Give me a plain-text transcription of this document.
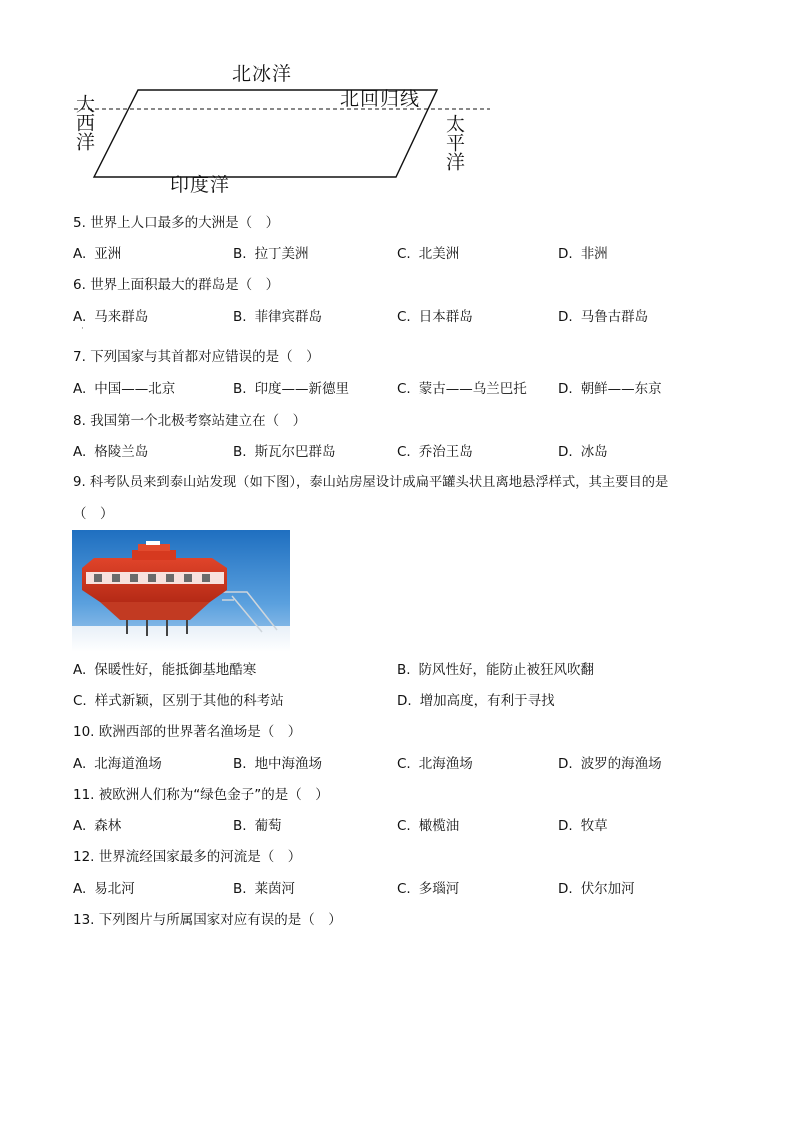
北冰洋
北回归线
大西洋	太平洋
印度洋
5. 世界上人口最多的大洲是（　）
A. 亚洲	B. 拉丁美洲	C. 北美洲	D. 非洲
6. 世界上面积最大的群岛是（　）
A. 马来群岛	B. 菲律宾群岛	C. 日本群岛	D. 马鲁古群岛
·
7. 下列国家与其首都对应错误的是（　）
A. 中国——北京	B. 印度——新德里	C. 蒙古——乌兰巴托 D. 朝鲜——东京
8. 我国第一个北极考察站建立在（　）
A. 格陵兰岛	B. 斯瓦尔巴群岛	C. 乔治王岛	D. 冰岛
9. 科考队员来到泰山站发现（如下图），泰山站房屋设计成扁平罐头状且离地悬浮样式，其主要目的是
（　）
A. 保暖性好，能抵御基地酷寒	B. 防风性好，能防止被狂风吹翻
C. 样式新颖，区别于其他的科考站	D. 增加高度，有利于寻找
10. 欧洲西部的世界著名渔场是（　）
A. 北海道渔场	B. 地中海渔场	C. 北海渔场	D. 波罗的海渔场
11. 被欧洲人们称为“绿色金子”的是（　）
A. 森林	B. 葡萄	C. 橄榄油	D. 牧草
12. 世界流经国家最多的河流是（　）
A. 易北河	B. 莱茵河	C. 多瑙河	D. 伏尔加河
13. 下列图片与所属国家对应有误的是（　）
